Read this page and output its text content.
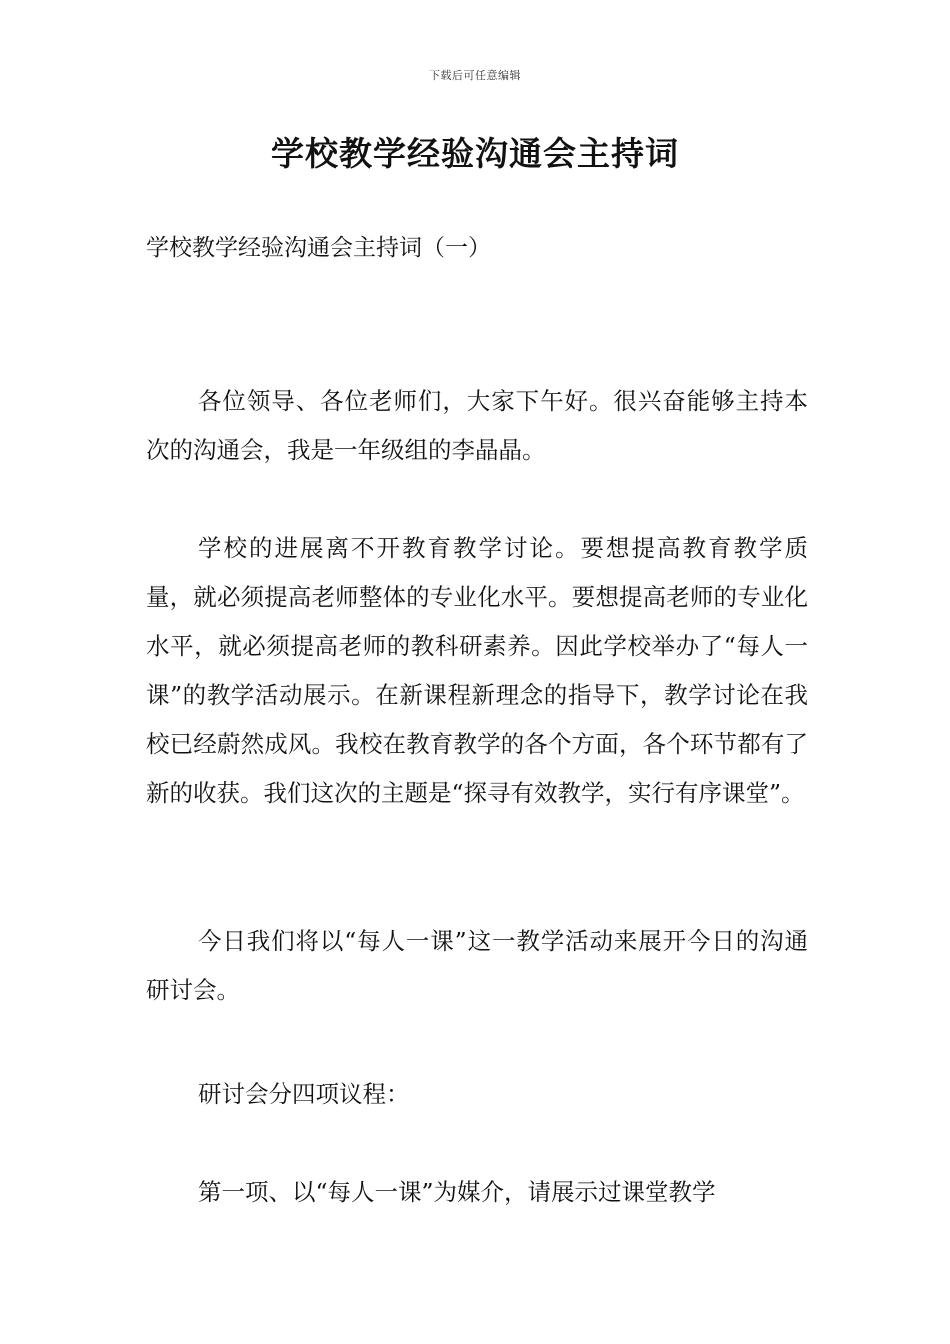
下载后可任意编辑
学校教学经验沟通会主持词
学校教学经验沟通会主持词（一）

各位领导、各位老师们，大家下午好。很兴奋能够主持本次的沟通会，我是一年级组的李晶晶。

学校的进展离不开教育教学讨论。要想提高教育教学质量，就必须提高老师整体的专业化水平。要想提高老师的专业化水平，就必须提高老师的教科研素养。因此学校举办了“每人一课”的教学活动展示。在新课程新理念的指导下，教学讨论在我校已经蔚然成风。我校在教育教学的各个方面，各个环节都有了新的收获。我们这次的主题是“探寻有效教学，实行有序课堂”。

今日我们将以“每人一课”这一教学活动来展开今日的沟通研讨会。

研讨会分四项议程：

第一项、以“每人一课”为媒介，请展示过课堂教学
